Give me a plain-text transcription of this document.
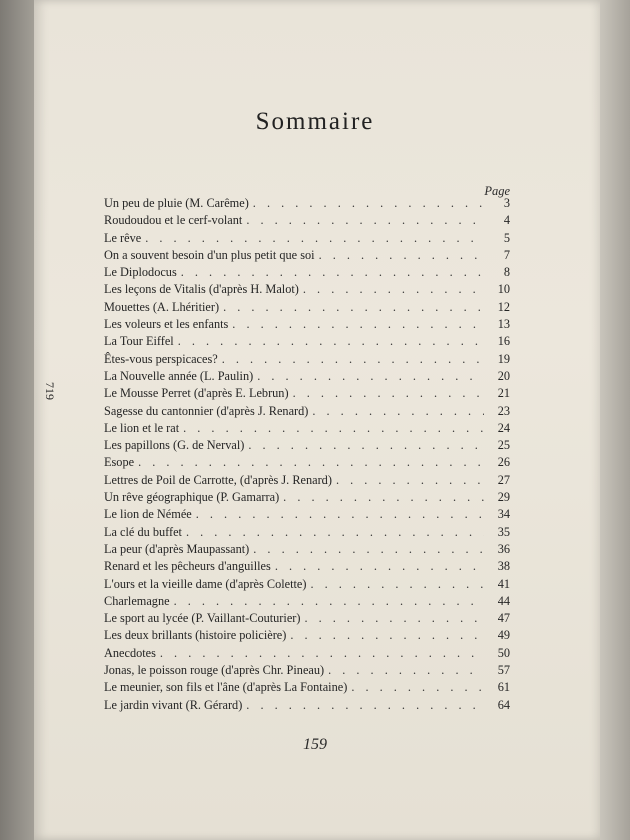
719
Sommaire
Page
Un peu de pluie (M. Carême) . . .	3
Roudoudou et le cerf-volant . . .	4
Le rêve . . .	5
On a souvent besoin d'un plus petit que soi . . .	7
Le Diplodocus . . .	8
Les leçons de Vitalis (d'après H. Malot) . . .	10
Mouettes (A. Lhéritier) . . .	12
Les voleurs et les enfants . . .	13
La Tour Eiffel . . .	16
Êtes-vous perspicaces? . . .	19
La Nouvelle année (L. Paulin) . . .	20
Le Mousse Perret (d'après E. Lebrun) . . .	21
Sagesse du cantonnier (d'après J. Renard) . . .	23
Le lion et le rat . . .	24
Les papillons (G. de Nerval) . . .	25
Esope . . .	26
Lettres de Poil de Carrotte, (d'après J. Renard) . . .	27
Un rêve géographique (P. Gamarra) . . .	29
Le lion de Némée . . .	34
La clé du buffet . . .	35
La peur (d'après Maupassant) . . .	36
Renard et les pêcheurs d'anguilles . . .	38
L'ours et la vieille dame (d'après Colette) . . .	41
Charlemagne . . .	44
Le sport au lycée (P. Vaillant-Couturier) . . .	47
Les deux brillants (histoire policière) . . .	49
Anecdotes . . .	50
Jonas, le poisson rouge (d'après Chr. Pineau) . . .	57
Le meunier, son fils et l'âne (d'après La Fontaine) . . .	61
Le jardin vivant (R. Gérard) . . .	64
159
